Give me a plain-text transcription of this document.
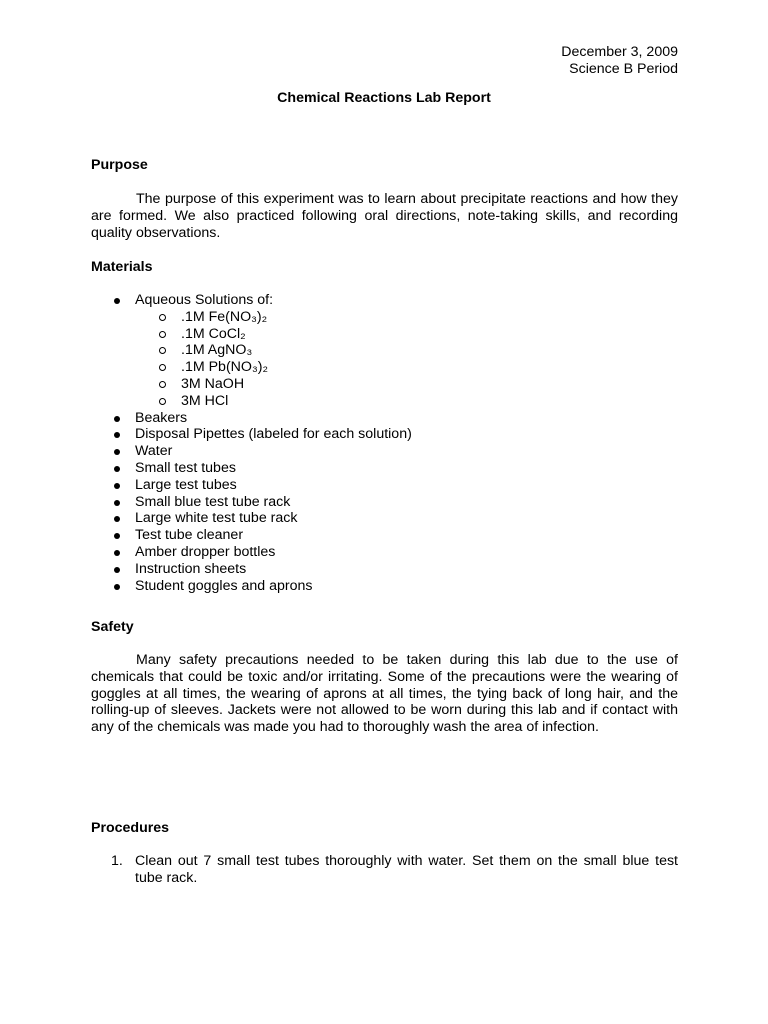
December 3, 2009
Science B Period
Chemical Reactions Lab Report
Purpose
The purpose of this experiment was to learn about precipitate reactions and how they are formed. We also practiced following oral directions, note-taking skills, and recording quality observations.
Materials
Aqueous Solutions of:
.1M Fe(NO₃)₂
.1M CoCl₂
.1M AgNO₃
.1M Pb(NO₃)₂
3M NaOH
3M HCl
Beakers
Disposal Pipettes (labeled for each solution)
Water
Small test tubes
Large test tubes
Small blue test tube rack
Large white test tube rack
Test tube cleaner
Amber dropper bottles
Instruction sheets
Student goggles and aprons
Safety
Many safety precautions needed to be taken during this lab due to the use of chemicals that could be toxic and/or irritating. Some of the precautions were the wearing of goggles at all times, the wearing of aprons at all times, the tying back of long hair, and the rolling-up of sleeves. Jackets were not allowed to be worn during this lab and if contact with any of the chemicals was made you had to thoroughly wash the area of infection.
Procedures
1. Clean out 7 small test tubes thoroughly with water. Set them on the small blue test tube rack.
